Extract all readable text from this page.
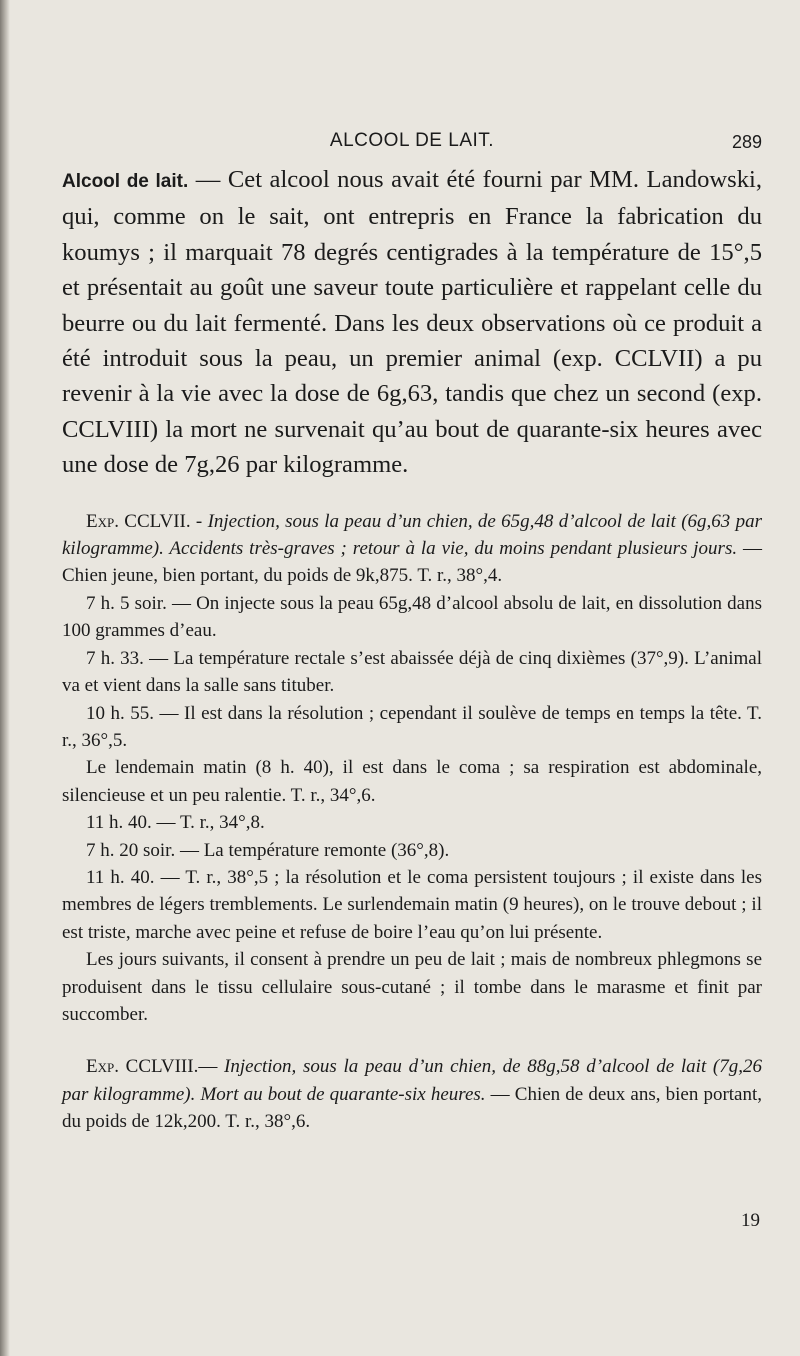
ALCOOL DE LAIT.	289

Alcool de lait. — Cet alcool nous avait été fourni par MM. Landowski, qui, comme on le sait, ont entrepris en France la fabrication du koumys ; il marquait 78 degrés centigrades à la température de 15°,5 et présentait au goût une saveur toute particulière et rappelant celle du beurre ou du lait fermenté. Dans les deux observations où ce produit a été introduit sous la peau, un premier animal (exp. CCLVII) a pu revenir à la vie avec la dose de 6g,63, tandis que chez un second (exp. CCLVIII) la mort ne survenait qu’au bout de quarante-six heures avec une dose de 7g,26 par kilogramme.

Exp. CCLVII. - Injection, sous la peau d’un chien, de 65g,48 d’alcool de lait (6g,63 par kilogramme). Accidents très-graves ; retour à la vie, du moins pendant plusieurs jours. — Chien jeune, bien portant, du poids de 9k,875. T. r., 38°,4.

7 h. 5 soir. — On injecte sous la peau 65g,48 d’alcool absolu de lait, en dissolution dans 100 grammes d’eau.

7 h. 33. — La température rectale s’est abaissée déjà de cinq dixièmes (37°,9). L’animal va et vient dans la salle sans tituber.

10 h. 55. — Il est dans la résolution ; cependant il soulève de temps en temps la tête. T. r., 36°,5.

Le lendemain matin (8 h. 40), il est dans le coma ; sa respiration est abdominale, silencieuse et un peu ralentie. T. r., 34°,6.

11 h. 40. — T. r., 34°,8.

7 h. 20 soir. — La température remonte (36°,8).

11 h. 40. — T. r., 38°,5 ; la résolution et le coma persistent toujours ; il existe dans les membres de légers tremblements. Le surlendemain matin (9 heures), on le trouve debout ; il est triste, marche avec peine et refuse de boire l’eau qu’on lui présente.

Les jours suivants, il consent à prendre un peu de lait ; mais de nombreux phlegmons se produisent dans le tissu cellulaire sous-cutané ; il tombe dans le marasme et finit par succomber.

Exp. CCLVIII.— Injection, sous la peau d’un chien, de 88g,58 d’alcool de lait (7g,26 par kilogramme). Mort au bout de quarante-six heures. — Chien de deux ans, bien portant, du poids de 12k,200. T. r., 38°,6.

19
